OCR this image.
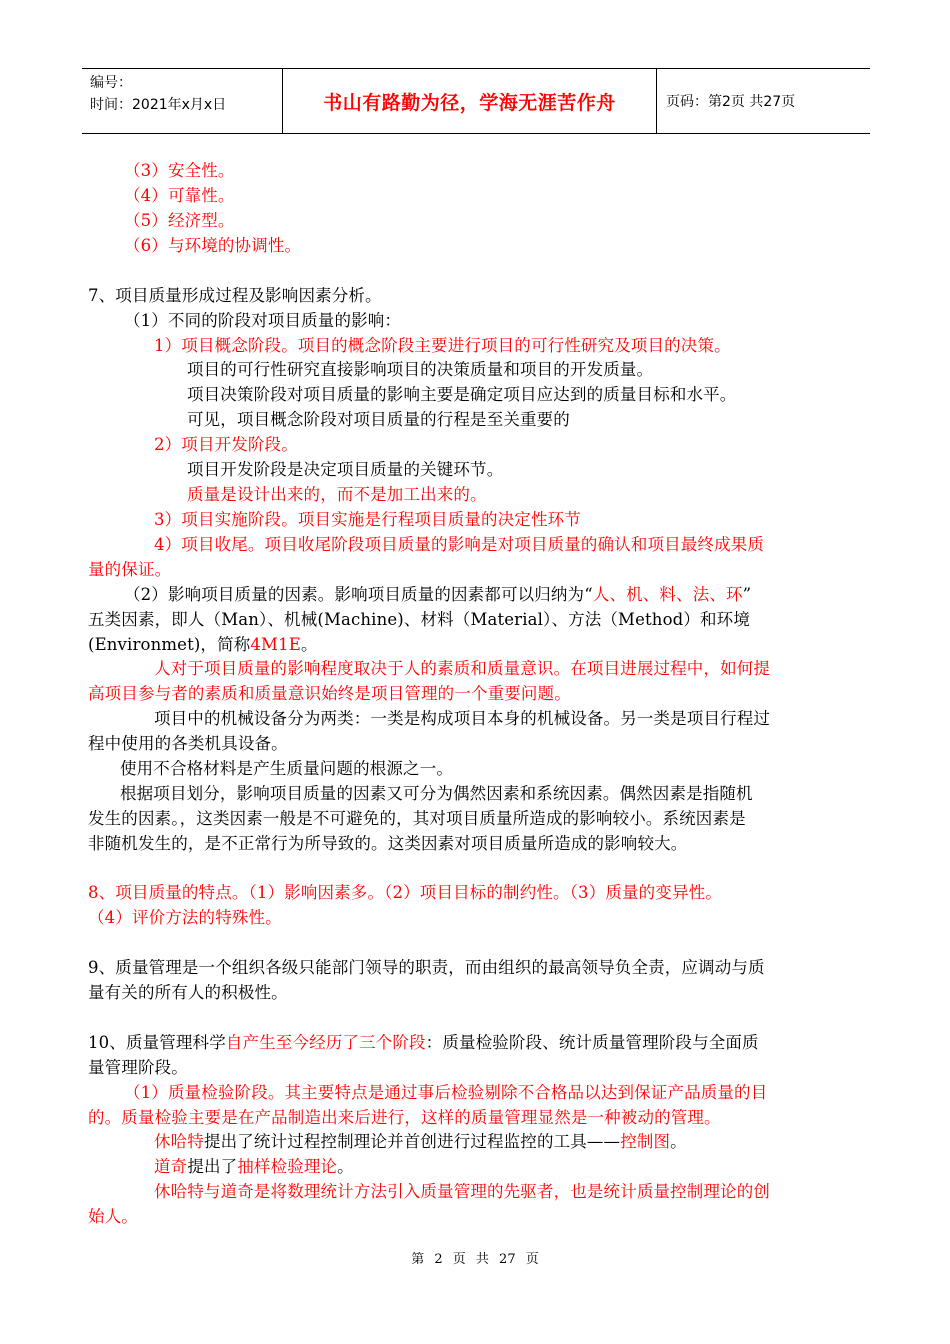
编号：
时间：2021年x月x日	书山有路勤为径，学海无涯苦作舟	页码：第2页 共27页
（3）安全性。
（4）可靠性。
（5）经济型。
（6）与环境的协调性。
7、项目质量形成过程及影响因素分析。
（1）不同的阶段对项目质量的影响：
1）项目概念阶段。项目的概念阶段主要进行项目的可行性研究及项目的决策。
项目的可行性研究直接影响项目的决策质量和项目的开发质量。
项目决策阶段对项目质量的影响主要是确定项目应达到的质量目标和水平。
可见，项目概念阶段对项目质量的行程是至关重要的
2）项目开发阶段。
项目开发阶段是决定项目质量的关键环节。
质量是设计出来的，而不是加工出来的。
3）项目实施阶段。项目实施是行程项目质量的决定性环节
4）项目收尾。项目收尾阶段项目质量的影响是对项目质量的确认和项目最终成果质
量的保证。
（2）影响项目质量的因素。影响项目质量的因素都可以归纳为“人、机、料、法、环”
五类因素，即人（Man）、机械(Machine)、材料（Material）、方法（Method）和环境
(Environmet)，简称4M1E。
人对于项目质量的影响程度取决于人的素质和质量意识。在项目进展过程中，如何提
高项目参与者的素质和质量意识始终是项目管理的一个重要问题。
项目中的机械设备分为两类：一类是构成项目本身的机械设备。另一类是项目行程过
程中使用的各类机具设备。
使用不合格材料是产生质量问题的根源之一。
根据项目划分，影响项目质量的因素又可分为偶然因素和系统因素。偶然因素是指随机
发生的因素。，这类因素一般是不可避免的，其对项目质量所造成的影响较小。系统因素是
非随机发生的，是不正常行为所导致的。这类因素对项目质量所造成的影响较大。
8、项目质量的特点。（1）影响因素多。（2）项目目标的制约性。（3）质量的变异性。
（4）评价方法的特殊性。
9、质量管理是一个组织各级只能部门领导的职责，而由组织的最高领导负全责，应调动与质
量有关的所有人的积极性。
10、质量管理科学自产生至今经历了三个阶段：质量检验阶段、统计质量管理阶段与全面质
量管理阶段。
（1）质量检验阶段。其主要特点是通过事后检验剔除不合格品以达到保证产品质量的目
的。质量检验主要是在产品制造出来后进行，这样的质量管理显然是一种被动的管理。
休哈特提出了统计过程控制理论并首创进行过程监控的工具——控制图。
道奇提出了抽样检验理论。
休哈特与道奇是将数理统计方法引入质量管理的先驱者，也是统计质量控制理论的创
始人。
第 2 页 共 27 页
